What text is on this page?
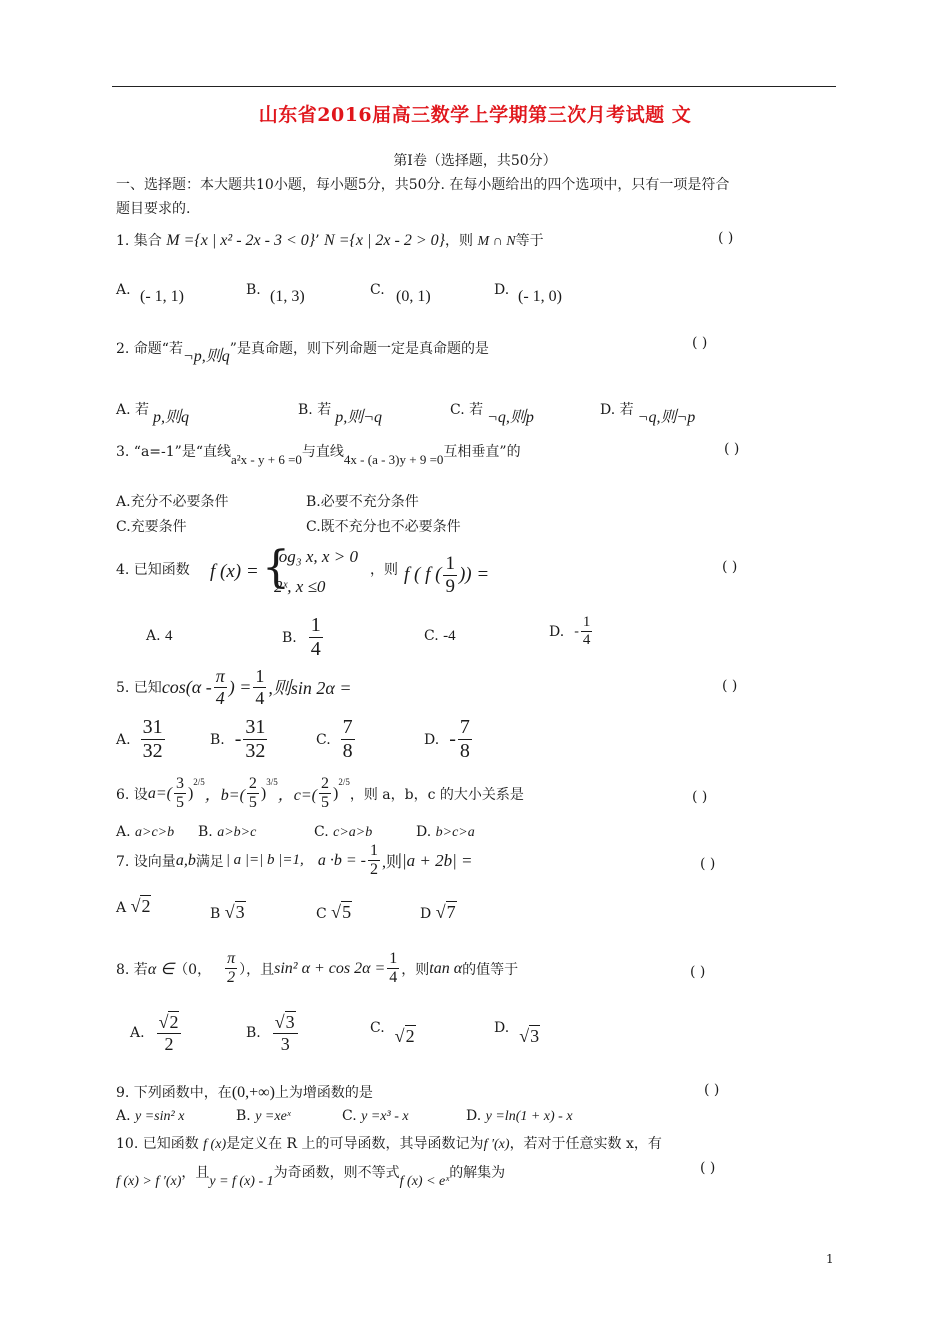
山东省2016届高三数学上学期第三次月考试题 文
第I卷（选择题，共50分）
一、选择题：本大题共10小题，每小题5分，共50分. 在每小题给出的四个选项中，只有一项是符合
题目要求的.
1. 集合 M ={x | x² - 2x - 3 < 0}’ N ={x | 2x - 2 > 0}，则 M ∩ N等于	( )
A. (- 1, 1)	B. (1, 3)	C. (0, 1)	D. (- 1, 0)
2. 命题“若¬p,则q”是真命题，则下列命题一定是真命题的是	( )
A. 若 p,则q	B. 若 p,则¬q	C. 若 ¬q,则p	D. 若 ¬q,则¬p
3. “a=-1”是“直线a²x - y + 6 =0与直线4x - (a - 3)y + 9 =0互相垂直”的	( )
A.充分不必要条件	B.必要不充分条件
C.充要条件	C.既不充分也不必要条件
4. 已知函数 f (x) = {
log₃ x, x > 0
2ˣ, x ≤0
，则 f ( f ( $\frac{1}{9}$ )) =	( )
A. 4	B. $\frac{1}{4}$	C. -4	D. - $\frac{1}{4}$
5. 已知 $\cos(\alpha - \frac{\pi}{4}$ ) = $\frac{1}{4}$ ,则sin 2α =	( )
A. $\frac{31}{32}$	B. - $\frac{31}{32}$	C. $\frac{7}{8}$	D. - $\frac{7}{8}$
6. 设 $a=( \frac{3}{5}$ )
2/5
，$b=( \frac{2}{5}$ )
3/5
，$c=( \frac{2}{5}$ )
2/5
，则 a，b，c 的大小关系是	( )
A. a>c>b B. a>b>c	C. c>a>b	D. b>c>a
7. 设向量 a,b 满足 | a |=| b |=1, a ·b = - $\frac{1}{2}$ ,则 |a + 2b| =	( )
A √2	B √3	C √5	D √7
8. 若 α ∈ （0， $\frac{\pi}{2}$ ），且 sin² $\alpha + \cos 2\alpha = \frac{1}{4}$ ，则 tan α 的值等于	( )
A. $\frac{√2}{2}$	B. $\frac{√3}{3}$	C. √2	D. √3
9. 下列函数中，在(0,+∞)上为增函数的是	( )
A. y =sin² x	B. y =xeˣ	C. y =x³ - x	D. y =ln(1 + x) - x
10. 已知函数 f (x)是定义在 R 上的可导函数，其导函数记为f ′(x)，若对于任意实数 x，有
f (x) > f ′(x)，且y = f (x) - 1为奇函数，则不等式f (x) < eˣ的解集为	( )
1
